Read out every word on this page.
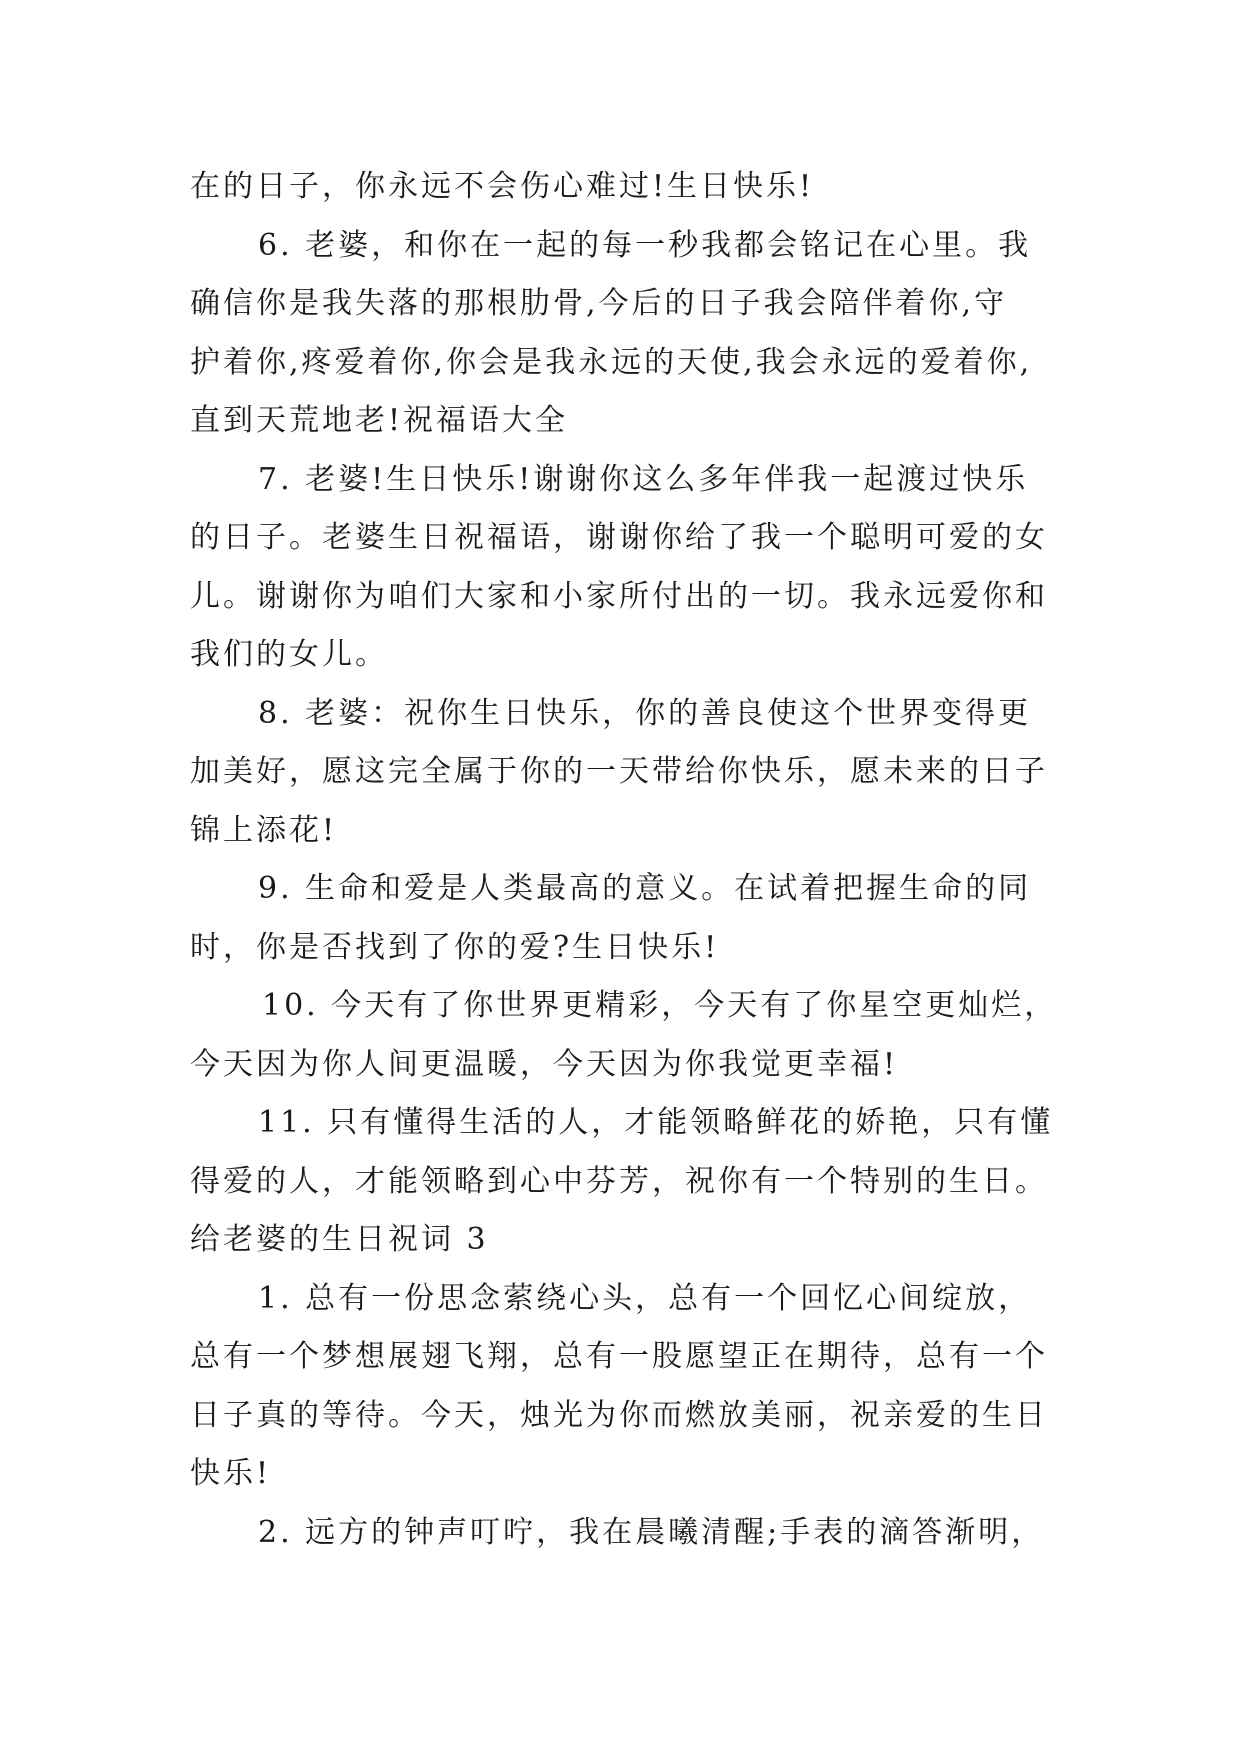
在的日子，你永远不会伤心难过!生日快乐!

6. 老婆，和你在一起的每一秒我都会铭记在心里。我

确信你是我失落的那根肋骨,今后的日子我会陪伴着你,守

护着你,疼爱着你,你会是我永远的天使,我会永远的爱着你,

直到天荒地老!祝福语大全

7. 老婆!生日快乐!谢谢你这么多年伴我一起渡过快乐

的日子。老婆生日祝福语，谢谢你给了我一个聪明可爱的女

儿。谢谢你为咱们大家和小家所付出的一切。我永远爱你和

我们的女儿。

8. 老婆：祝你生日快乐，你的善良使这个世界变得更

加美好，愿这完全属于你的一天带给你快乐，愿未来的日子

锦上添花!

9. 生命和爱是人类最高的意义。在试着把握生命的同

时，你是否找到了你的爱?生日快乐!

10. 今天有了你世界更精彩，今天有了你星空更灿烂，

今天因为你人间更温暖，今天因为你我觉更幸福!

11. 只有懂得生活的人，才能领略鲜花的娇艳，只有懂

得爱的人，才能领略到心中芬芳，祝你有一个特别的生日。

给老婆的生日祝词 3

1. 总有一份思念萦绕心头，总有一个回忆心间绽放，

总有一个梦想展翅飞翔，总有一股愿望正在期待，总有一个

日子真的等待。今天，烛光为你而燃放美丽，祝亲爱的生日

快乐!

2. 远方的钟声叮咛，我在晨曦清醒;手表的滴答渐明，
